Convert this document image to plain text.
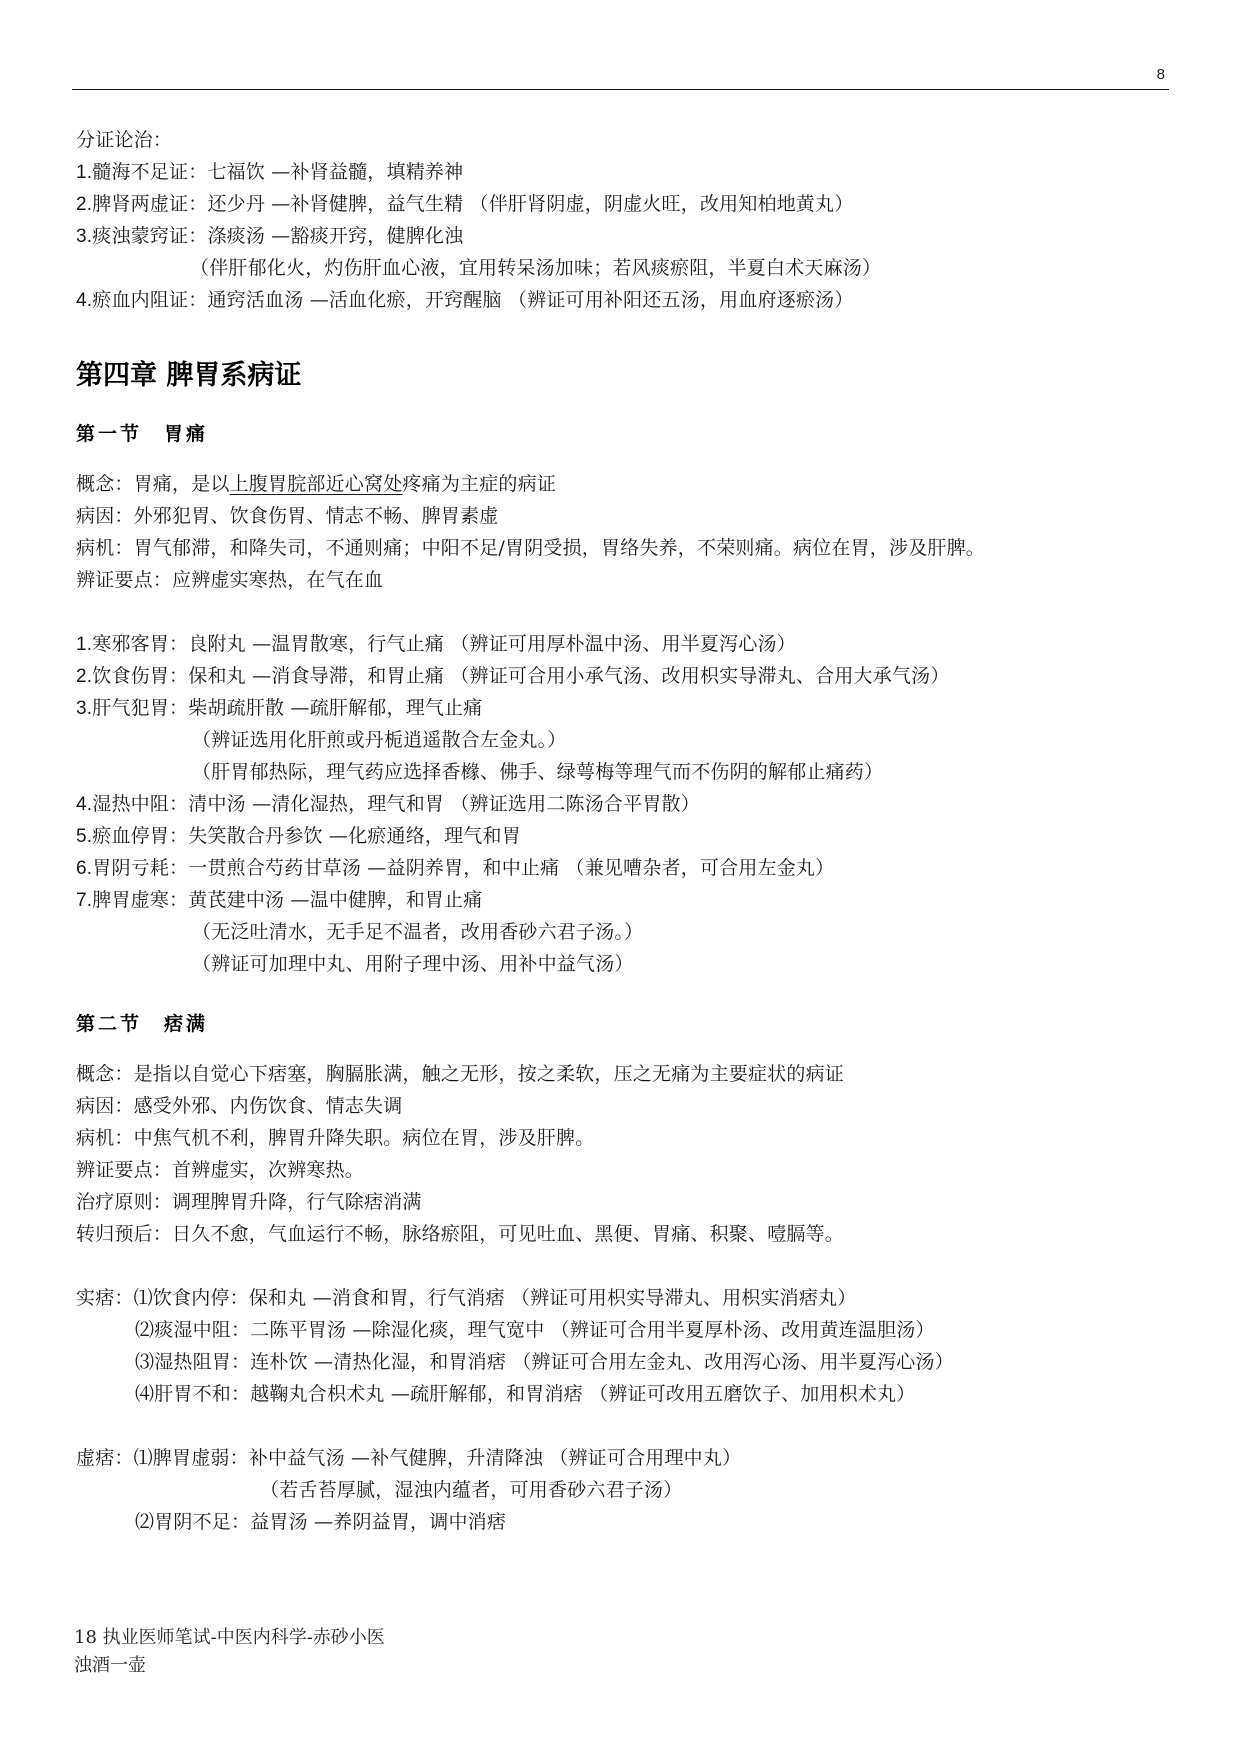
8
分证论治：
1.髓海不足证：七福饮 —补肾益髓，填精养神
2.脾肾两虚证：还少丹 —补肾健脾，益气生精 （伴肝肾阴虚，阴虚火旺，改用知柏地黄丸）
3.痰浊蒙窍证：涤痰汤 —豁痰开窍，健脾化浊
（伴肝郁化火，灼伤肝血心液，宜用转呆汤加味；若风痰瘀阻，半夏白术天麻汤）
4.瘀血内阻证：通窍活血汤 —活血化瘀，开窍醒脑 （辨证可用补阳还五汤，用血府逐瘀汤）
第四章 脾胃系病证
第一节 胃痛
概念：胃痛，是以上腹胃脘部近心窝处疼痛为主症的病证
病因：外邪犯胃、饮食伤胃、情志不畅、脾胃素虚
病机：胃气郁滞，和降失司，不通则痛；中阳不足/胃阴受损，胃络失养，不荣则痛。病位在胃，涉及肝脾。
辨证要点：应辨虚实寒热，在气在血
1.寒邪客胃：良附丸 —温胃散寒，行气止痛 （辨证可用厚朴温中汤、用半夏泻心汤）
2.饮食伤胃：保和丸 —消食导滞，和胃止痛 （辨证可合用小承气汤、改用枳实导滞丸、合用大承气汤）
3.肝气犯胃：柴胡疏肝散 —疏肝解郁，理气止痛
（辨证选用化肝煎或丹栀逍遥散合左金丸。）
（肝胃郁热际，理气药应选择香橼、佛手、绿萼梅等理气而不伤阴的解郁止痛药）
4.湿热中阻：清中汤 —清化湿热，理气和胃 （辨证选用二陈汤合平胃散）
5.瘀血停胃：失笑散合丹参饮 —化瘀通络，理气和胃
6.胃阴亏耗：一贯煎合芍药甘草汤 —益阴养胃，和中止痛 （兼见嘈杂者，可合用左金丸）
7.脾胃虚寒：黄芪建中汤 —温中健脾，和胃止痛
（无泛吐清水，无手足不温者，改用香砂六君子汤。）
（辨证可加理中丸、用附子理中汤、用补中益气汤）
第二节 痞满
概念：是指以自觉心下痞塞，胸膈胀满，触之无形，按之柔软，压之无痛为主要症状的病证
病因：感受外邪、内伤饮食、情志失调
病机：中焦气机不利，脾胃升降失职。病位在胃，涉及肝脾。
辨证要点：首辨虚实，次辨寒热。
治疗原则：调理脾胃升降，行气除痞消满
转归预后：日久不愈，气血运行不畅，脉络瘀阻，可见吐血、黑便、胃痛、积聚、噎膈等。
实痞：⑴饮食内停：保和丸 —消食和胃，行气消痞 （辨证可用枳实导滞丸、用枳实消痞丸）
⑵痰湿中阻：二陈平胃汤 —除湿化痰，理气宽中 （辨证可合用半夏厚朴汤、改用黄连温胆汤）
⑶湿热阻胃：连朴饮 —清热化湿，和胃消痞 （辨证可合用左金丸、改用泻心汤、用半夏泻心汤）
⑷肝胃不和：越鞠丸合枳术丸 —疏肝解郁，和胃消痞 （辨证可改用五磨饮子、加用枳术丸）
虚痞：⑴脾胃虚弱：补中益气汤 —补气健脾，升清降浊 （辨证可合用理中丸）
（若舌苔厚腻，湿浊内蕴者，可用香砂六君子汤）
⑵胃阴不足：益胃汤 —养阴益胃，调中消痞
18 执业医师笔试-中医内科学-赤砂小医
浊酒一壶
